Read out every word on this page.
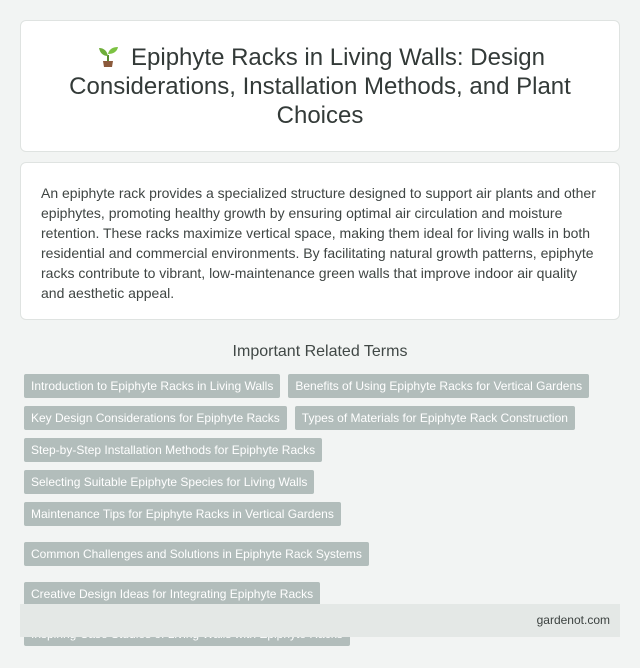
Epiphyte Racks in Living Walls: Design Considerations, Installation Methods, and Plant Choices

An epiphyte rack provides a specialized structure designed to support air plants and other epiphytes, promoting healthy growth by ensuring optimal air circulation and moisture retention. These racks maximize vertical space, making them ideal for living walls in both residential and commercial environments. By facilitating natural growth patterns, epiphyte racks contribute to vibrant, low-maintenance green walls that improve indoor air quality and aesthetic appeal.

Important Related Terms
Introduction to Epiphyte Racks in Living Walls	Benefits of Using Epiphyte Racks for Vertical Gardens
Key Design Considerations for Epiphyte Racks	Types of Materials for Epiphyte Rack Construction
Step-by-Step Installation Methods for Epiphyte Racks
Selecting Suitable Epiphyte Species for Living Walls
Maintenance Tips for Epiphyte Racks in Vertical Gardens
Common Challenges and Solutions in Epiphyte Rack Systems
Creative Design Ideas for Integrating Epiphyte Racks
gardenot.com
